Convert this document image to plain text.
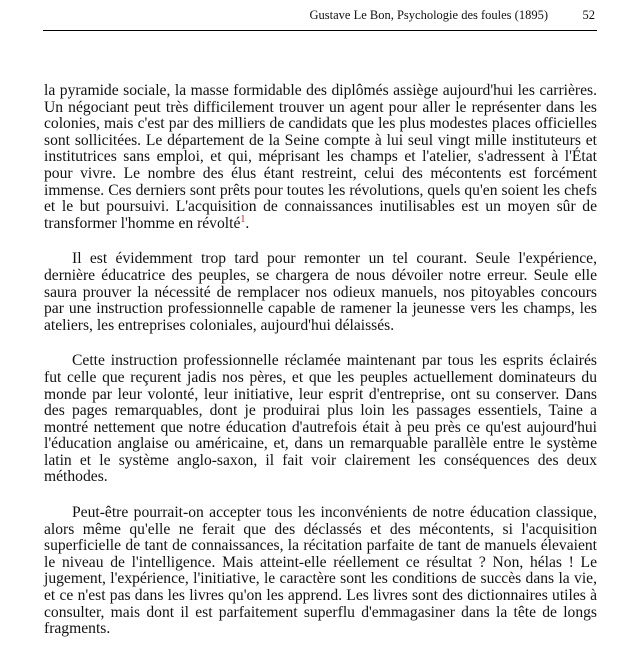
Gustave Le Bon, Psychologie des foules (1895)	52

la pyramide sociale, la masse formidable des diplômés assiège aujourd'hui les carrières. Un négociant peut très difficilement trouver un agent pour aller le représenter dans les colonies, mais c'est par des milliers de candidats que les plus modestes places officielles sont sollicitées. Le département de la Seine compte à lui seul vingt mille instituteurs et institutrices sans emploi, et qui, méprisant les champs et l'atelier, s'adressent à l'État pour vivre. Le nombre des élus étant restreint, celui des mécontents est forcément immense. Ces derniers sont prêts pour toutes les révolutions, quels qu'en soient les chefs et le but poursuivi. L'acquisition de connaissances inutilisables est un moyen sûr de transformer l'homme en révolté$^1$.

Il est évidemment trop tard pour remonter un tel courant. Seule l'expérience, dernière éducatrice des peuples, se chargera de nous dévoiler notre erreur. Seule elle saura prouver la nécessité de remplacer nos odieux manuels, nos pitoyables concours par une instruction professionnelle capable de ramener la jeunesse vers les champs, les ateliers, les entreprises coloniales, aujourd'hui délaissés.

Cette instruction professionnelle réclamée maintenant par tous les esprits éclairés fut celle que reçurent jadis nos pères, et que les peuples actuellement dominateurs du monde par leur volonté, leur initiative, leur esprit d'entreprise, ont su conserver. Dans des pages remarquables, dont je produirai plus loin les passages essentiels, Taine a montré nettement que notre éducation d'autrefois était à peu près ce qu'est aujourd'hui l'éducation anglaise ou américaine, et, dans un remarquable parallèle entre le système latin et le système anglo-saxon, il fait voir clairement les conséquences des deux méthodes.

Peut-être pourrait-on accepter tous les inconvénients de notre éducation classique, alors même qu'elle ne ferait que des déclassés et des mécontents, si l'acquisition superficielle de tant de connaissances, la récitation parfaite de tant de manuels élevaient le niveau de l'intelligence. Mais atteint-elle réellement ce résultat ? Non, hélas ! Le jugement, l'expérience, l'initiative, le caractère sont les conditions de succès dans la vie, et ce n'est pas dans les livres qu'on les apprend. Les livres sont des dictionnaires utiles à consulter, mais dont il est parfaitement superflu d'emmagasiner dans la tête de longs fragments.
